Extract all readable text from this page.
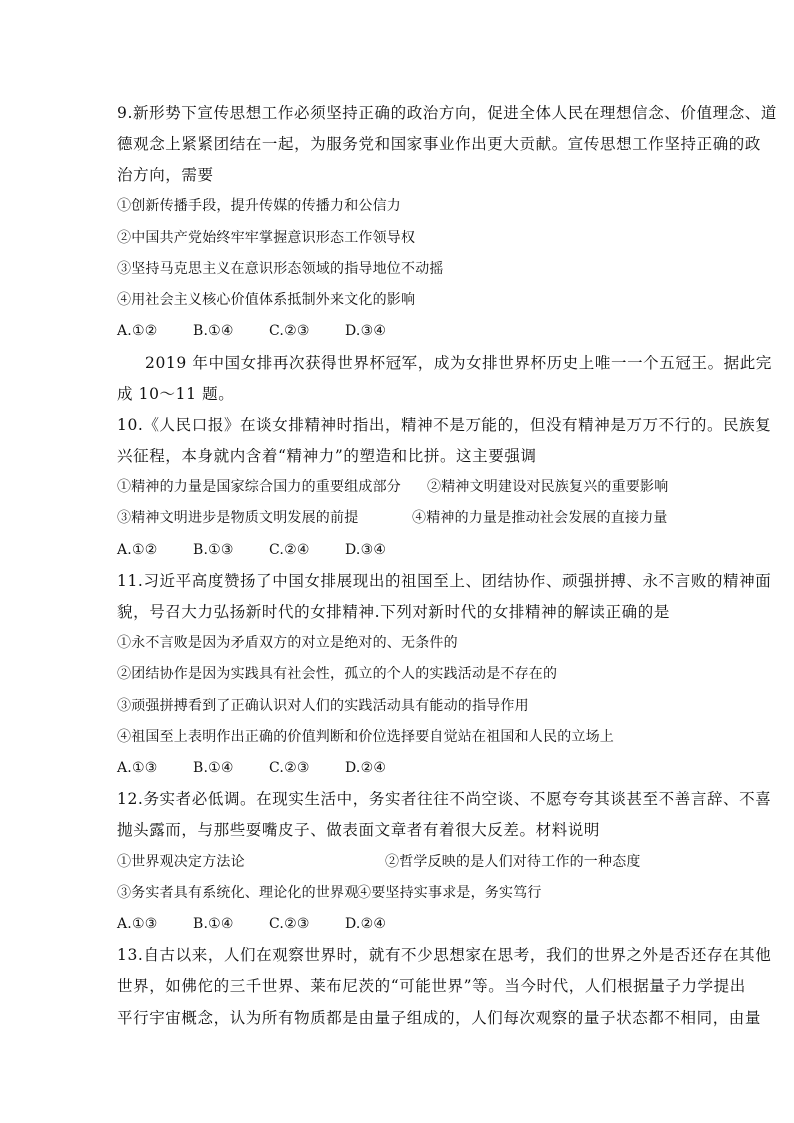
9.新形势下宣传思想工作必须坚持正确的政治方向，促进全体人民在理想信念、价值理念、道

德观念上紧紧团结在一起，为服务党和国家事业作出更大贡献。宣传思想工作坚持正确的政

治方向，需要

①创新传播手段，提升传媒的传播力和公信力

②中国共产党始终牢牢掌握意识形态工作领导权

③坚持马克思主义在意识形态领域的指导地位不动摇

④用社会主义核心价值体系抵制外来文化的影响

A.①②	B.①④	C.②③	D.③④

2019 年中国女排再次获得世界杯冠军，成为女排世界杯历史上唯一一个五冠王。据此完

成 10～11 题。

10.《人民口报》在谈女排精神时指出，精神不是万能的，但没有精神是万万不行的。民族复

兴征程，本身就内含着“精神力”的塑造和比拼。这主要强调

①精神的力量是国家综合国力的重要组成部分 ②精神文明建设对民族复兴的重要影响

③精神文明进步是物质文明发展的前提	④精神的力量是推动社会发展的直接力量

A.①②	B.①③	C.②④	D.③④

11.习近平高度赞扬了中国女排展现出的祖国至上、团结协作、顽强拼搏、永不言败的精神面

貌，号召大力弘扬新时代的女排精神.下列对新时代的女排精神的解读正确的是

①永不言败是因为矛盾双方的对立是绝对的、无条件的

②团结协作是因为实践具有社会性，孤立的个人的实践活动是不存在的

③顽强拼搏看到了正确认识对人们的实践活动具有能动的指导作用

④祖国至上表明作出正确的价值判断和价位选择要自觉站在祖国和人民的立场上

A.①③	B.①④	C.②③	D.②④

12.务实者必低调。在现实生活中，务实者往往不尚空谈、不愿夸夸其谈甚至不善言辞、不喜

抛头露而，与那些耍嘴皮子、做表面文章者有着很大反差。材料说明

①世界观决定方法论	②哲学反映的是人们对待工作的一种态度

③务实者具有系统化、理论化的世界观
④要坚持实事求是，务实笃行

A.①③	B.①④	C.②③	D.②④

13.自古以来，人们在观察世界时，就有不少思想家在思考，我们的世界之外是否还存在其他

世界，如佛佗的三千世界、莱布尼茨的“可能世界”等。当今时代，人们根据量子力学提出

平行宇宙概念，认为所有物质都是由量子组成的，人们每次观察的量子状态都不相同，由量
